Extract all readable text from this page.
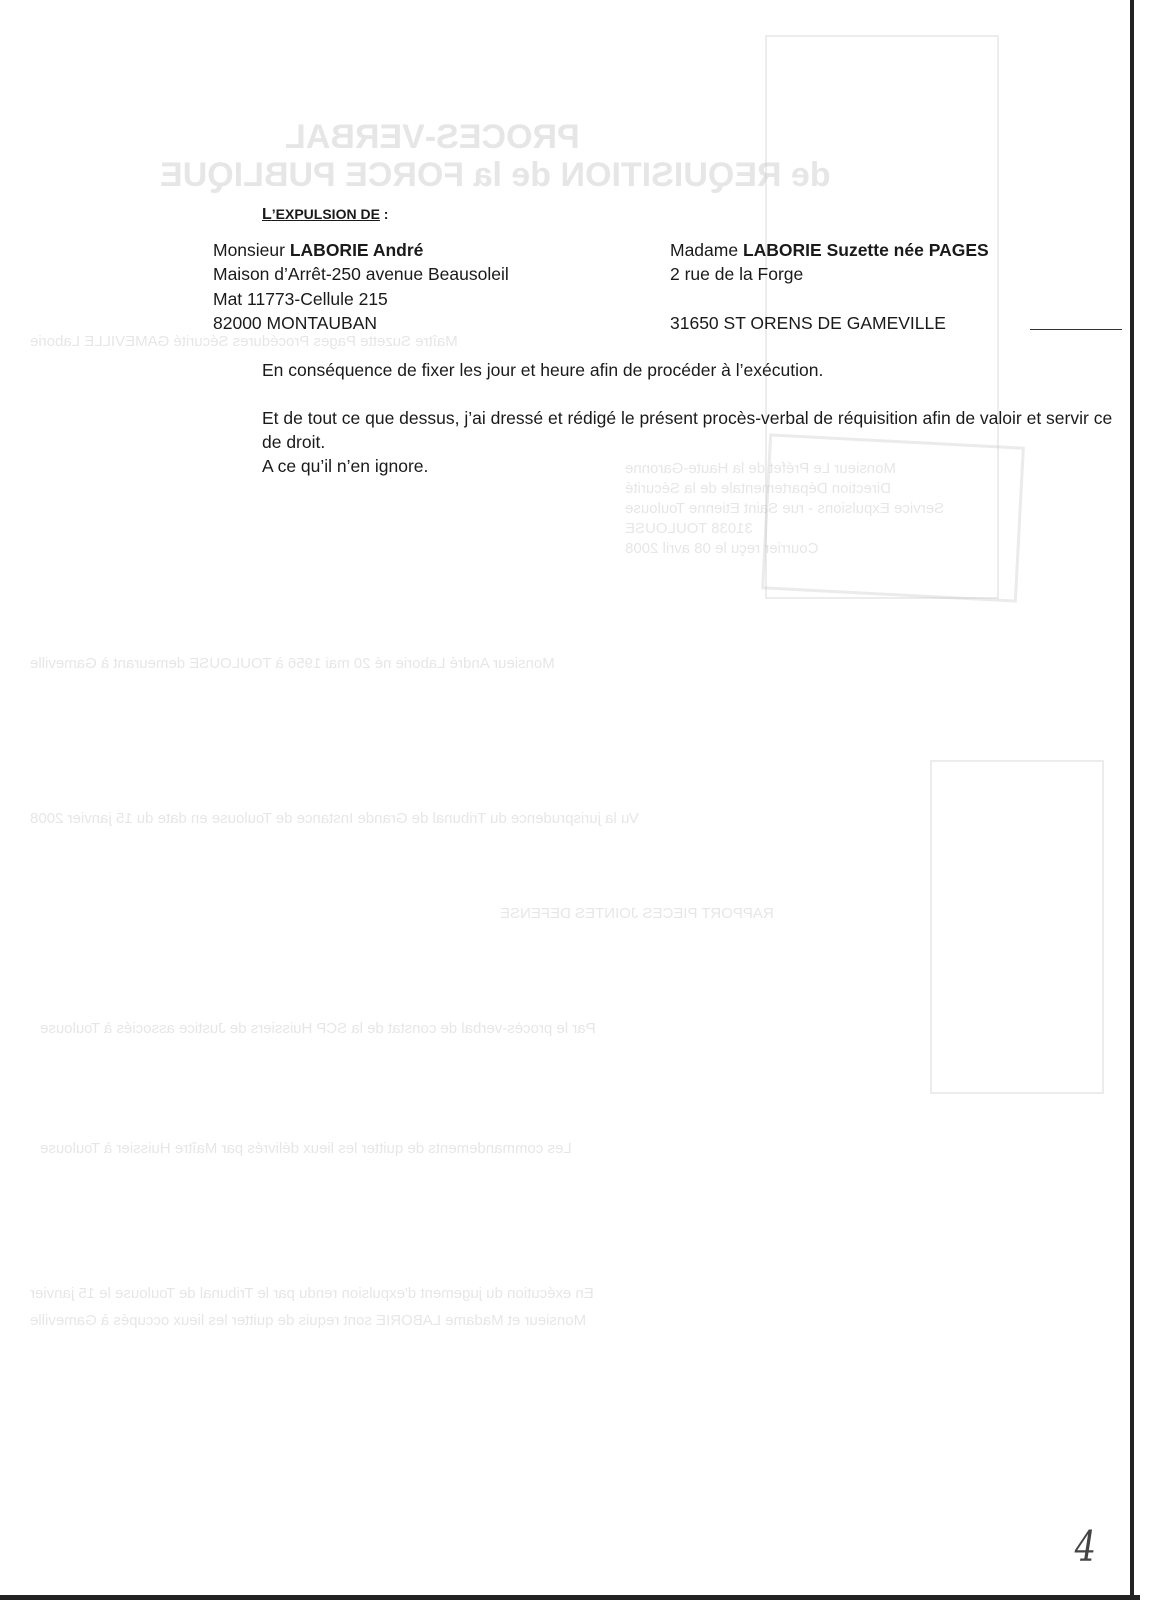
PROCES-VERBAL
de REQUISITION de la FORCE PUBLIQUE
Maître Suzette Pages Procédures Sécurité GAMEVILLE Laborie
Monsieur Le Préfet de la Haute-Garonne
Direction Départementale de la Sécurité
Service Expulsions - rue Saint Etienne Toulouse
31038 TOULOUSE
Courrier reçu le 08 avril 2008
Monsieur André Laborie né 20 mai 1956 à TOULOUSE demeurant à Gameville
Vu la jurisprudence du Tribunal de Grande Instance de Toulouse en date du 15 janvier 2008
RAPPORT PIECES JOINTES DEFENSE
Par le procès-verbal de constat de la SCP Huissiers de Justice associés à Toulouse
Les commandements de quitter les lieux délivrés par Maître Huissier à Toulouse
En exécution du jugement d'expulsion rendu par le Tribunal de Toulouse le 15 janvier
Monsieur et Madame LABORIE sont requis de quitter les lieux occupés à Gameville
L’EXPULSION DE :
Monsieur LABORIE André
Maison d’Arrêt-250 avenue Beausoleil
Mat 11773-Cellule 215
82000 MONTAUBAN
Madame LABORIE Suzette née PAGES
2 rue de la Forge
31650 ST ORENS DE GAMEVILLE
En conséquence de fixer les jour et heure afin de procéder à l’exécution.
Et de tout ce que dessus, j’ai dressé et rédigé le présent procès-verbal de réquisition afin de valoir et servir ce
de droit.
A ce qu’il n’en ignore.
4
